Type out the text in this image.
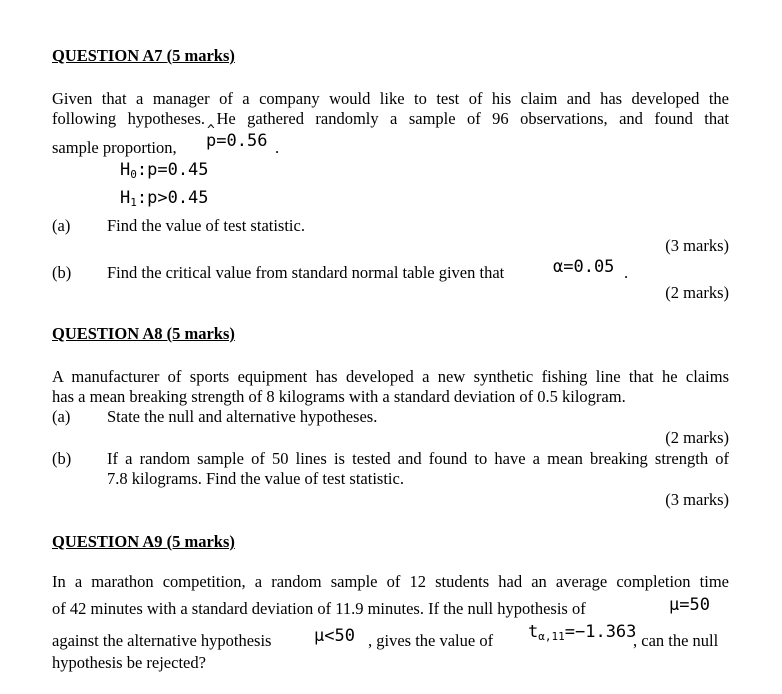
QUESTION A7 (5 marks)
Given that a manager of a company would like to test of his claim and has developed the
following hypotheses. He gathered randomly a sample of 96 observations, and found that
sample proportion,
^ p=0.56 .
$H_0:p=0.45$
$H_1:p>0.45$
(a) Find the value of test statistic.
(3 marks)
(b) Find the critical value from standard normal table given that	α=0.05 .
(2 marks)
QUESTION A8 (5 marks)
A manufacturer of sports equipment has developed a new synthetic fishing line that he claims
has a mean breaking strength of 8 kilograms with a standard deviation of 0.5 kilogram.
(a) State the null and alternative hypotheses.
(2 marks)
(b) If a random sample of 50 lines is tested and found to have a mean breaking strength of
7.8 kilograms. Find the value of test statistic.
(3 marks)
QUESTION A9 (5 marks)
In a marathon competition, a random sample of 12 students had an average completion time
of 42 minutes with a standard deviation of 11.9 minutes. If the null hypothesis of	μ=50
against the alternative hypothesis	μ<50 , gives the value of $t_{\alpha,11}=-1.363$
, can the null
hypothesis be rejected?
